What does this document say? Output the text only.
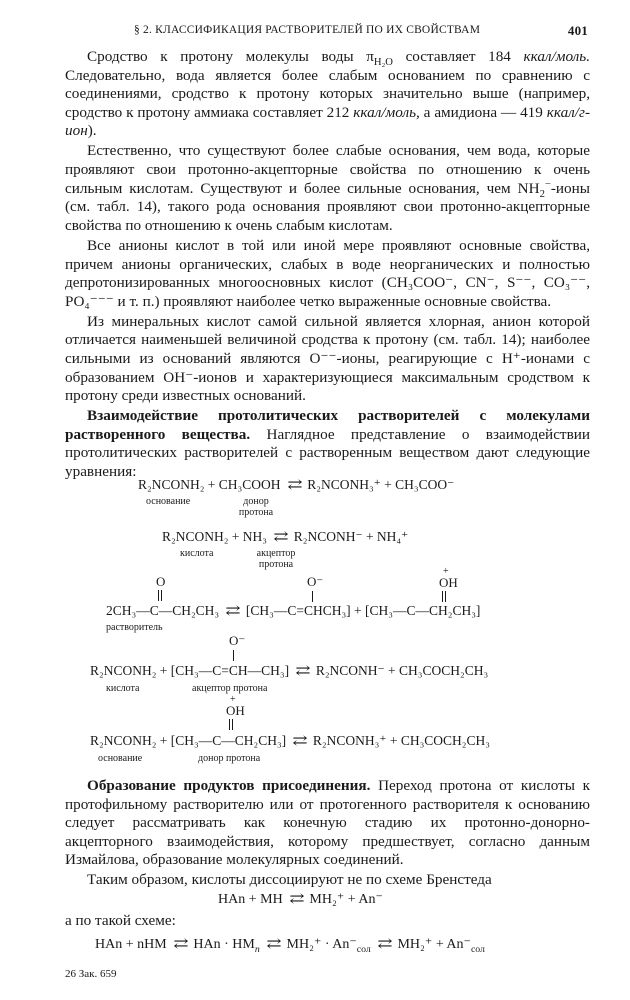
§ 2. КЛАССИФИКАЦИЯ РАСТВОРИТЕЛЕЙ ПО ИХ СВОЙСТВАМ	401

Сродство к протону молекулы воды $\pi_{H_2O}$ составляет 184 ккал/моль. Следовательно, вода является более слабым основанием по сравнению с соединениями, сродство к протону которых значительно выше (например, сродство к протону аммиака составляет 212 ккал/моль, а амидиона — 419 ккал/г-ион).

Естественно, что существуют более слабые основания, чем вода, которые проявляют свои протонно-акцепторные свойства по отношению к очень сильным кислотам. Существуют и более сильные основания, чем $NH_2^-$-ионы (см. табл. 14), такого рода основания проявляют свои протонно-акцепторные свойства по отношению к очень слабым кислотам.

Все анионы кислот в той или иной мере проявляют основные свойства, причем анионы органических, слабых в воде неорганических и полностью депротонизированных многоосновных кислот (CH₃COO⁻, CN⁻, S⁻⁻, CO₃⁻⁻, PO₄⁻⁻⁻ и т. п.) проявляют наиболее четко выраженные основные свойства.

Из минеральных кислот самой сильной является хлорная, анион которой отличается наименьшей величиной сродства к протону (см. табл. 14); наиболее сильными из оснований являются O⁻⁻-ионы, реагирующие с H⁺-ионами с образованием OH⁻-ионов и характеризующиеся максимальным сродством к протону среди известных оснований.

Взаимодействие протолитических растворителей с молекулами растворенного вещества. Наглядное представление о взаимодействии протолитических растворителей с растворенным веществом дают следующие уравнения:

R₂NCONH₂ + CH₃COOH ⇄ R₂NCONH₃⁺ + CH₃COO⁻
основание	донор
протона
R₂NCONH₂ + NH₃ ⇄ R₂NCONH⁻ + NH₄⁺
кислота	акцептор
протона
O	O⁻
+
OH
2CH₃—C—CH₂CH₃ ⇄ [CH₃—C=CHCH₃] + [CH₃—C—CH₂CH₃]
растворитель
O⁻
R₂NCONH₂ + [CH₃—C=CH—CH₃] ⇄ R₂NCONH⁻ + CH₃COCH₂CH₃
кислота	акцептор протона
+
OH
R₂NCONH₂ + [CH₃—C—CH₂CH₃] ⇄ R₂NCONH₃⁺ + CH₃COCH₂CH₃
основание	донор протона

Образование продуктов присоединения. Переход протона от кислоты к протофильному растворителю или от протогенного растворителя к основанию следует рассматривать как конечную стадию их протонно-донорно-акцепторного взаимодействия, которому предшествует, согласно данным Измайлова, образование молекулярных соединений.

Таким образом, кислоты диссоциируют не по схеме Бренстеда

HAn + MH ⇄ MH₂⁺ + An⁻

а по такой схеме:

HAn + nHM ⇄ HAn · $HM_n$ ⇄ $MH_2^+ \cdot An^-_{сол}$ ⇄ $MH_2^+ + An^-_{сол}$
26 Зак. 659
